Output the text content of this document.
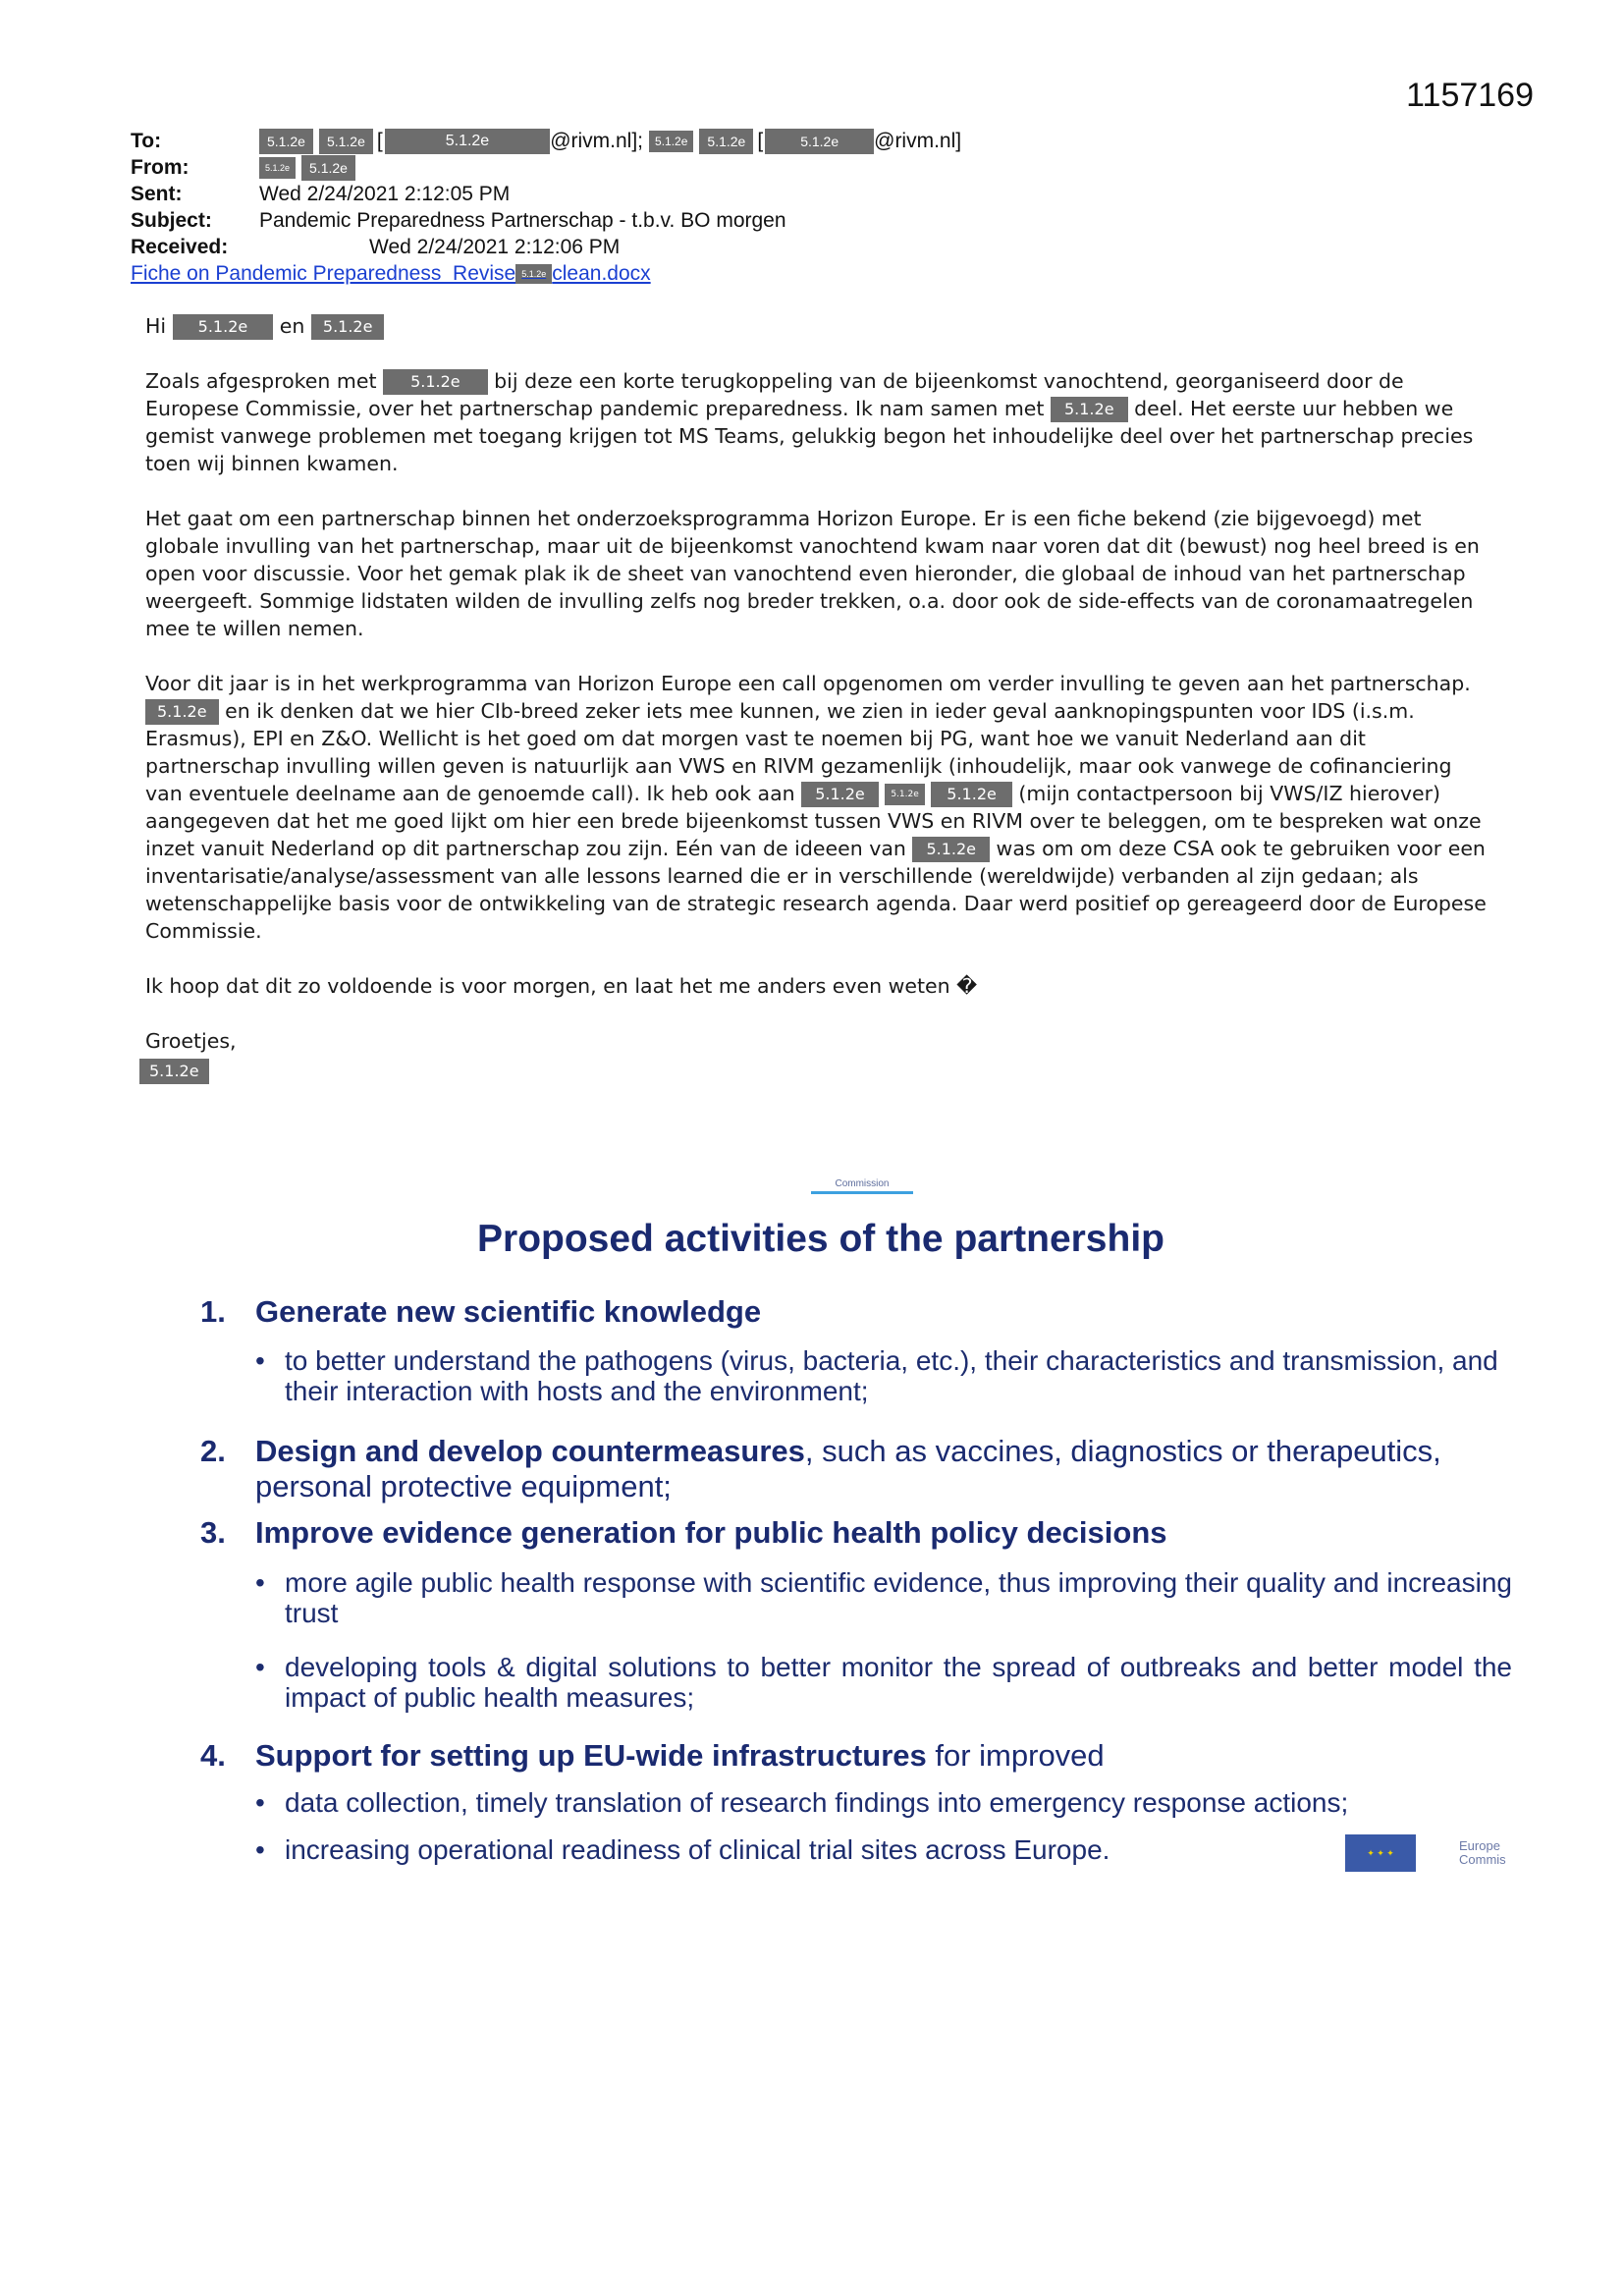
1157169
To:	5.1.2e	5.1.2e [	5.1.2e	@rivm.nl];	5.1.2e	5.1.2e [	5.1.2e	@rivm.nl]
From:	5.1.2e	5.1.2e
Sent:	Wed 2/24/2021 2:12:05 PM
Subject:	Pandemic Preparedness Partnerschap - t.b.v. BO morgen
Received:	Wed 2/24/2021 2:12:06 PM
Fiche on Pandemic Preparedness_Revise 5.1.2e clean.docx

Hi 5.1.2e en 5.1.2e

Zoals afgesproken met 5.1.2e bij deze een korte terugkoppeling van de bijeenkomst vanochtend, georganiseerd door de Europese Commissie, over het partnerschap pandemic preparedness. Ik nam samen met 5.1.2e deel. Het eerste uur hebben we gemist vanwege problemen met toegang krijgen tot MS Teams, gelukkig begon het inhoudelijke deel over het partnerschap precies toen wij binnen kwamen.

Het gaat om een partnerschap binnen het onderzoeksprogramma Horizon Europe. Er is een fiche bekend (zie bijgevoegd) met globale invulling van het partnerschap, maar uit de bijeenkomst vanochtend kwam naar voren dat dit (bewust) nog heel breed is en open voor discussie. Voor het gemak plak ik de sheet van vanochtend even hieronder, die globaal de inhoud van het partnerschap weergeeft. Sommige lidstaten wilden de invulling zelfs nog breder trekken, o.a. door ook de side-effects van de coronamaatregelen mee te willen nemen.

Voor dit jaar is in het werkprogramma van Horizon Europe een call opgenomen om verder invulling te geven aan het partnerschap. 5.1.2e en ik denken dat we hier CIb-breed zeker iets mee kunnen, we zien in ieder geval aanknopingspunten voor IDS (i.s.m. Erasmus), EPI en Z&O. Wellicht is het goed om dat morgen vast te noemen bij PG, want hoe we vanuit Nederland aan dit partnerschap invulling willen geven is natuurlijk aan VWS en RIVM gezamenlijk (inhoudelijk, maar ook vanwege de cofinanciering van eventuele deelname aan de genoemde call). Ik heb ook aan 5.1.2e	5.1.2e 5.1.2e (mijn contactpersoon bij VWS/IZ hierover) aangegeven dat het me goed lijkt om hier een brede bijeenkomst tussen VWS en RIVM over te beleggen, om te bespreken wat onze inzet vanuit Nederland op dit partnerschap zou zijn. Eén van de ideeen van 5.1.2e was om om deze CSA ook te gebruiken voor een inventarisatie/analyse/assessment van alle lessons learned die er in verschillende (wereldwijde) verbanden al zijn gedaan; als wetenschappelijke basis voor de ontwikkeling van de strategic research agenda. Daar werd positief op gereageerd door de Europese Commissie.

Ik hoop dat dit zo voldoende is voor morgen, en laat het me anders even weten �

Groetjes,

5.1.2e

Commission
Proposed activities of the partnership
1. Generate new scientific knowledge
• to better understand the pathogens (virus, bacteria, etc.), their characteristics and transmission, and their interaction with hosts and the environment;
2. Design and develop countermeasures, such as vaccines, diagnostics or therapeutics, personal protective equipment;
3. Improve evidence generation for public health policy decisions
• more agile public health response with scientific evidence, thus improving their quality and increasing trust
• developing tools & digital solutions to better monitor the spread of outbreaks and better model the impact of public health measures;
4. Support for setting up EU-wide infrastructures for improved
• data collection, timely translation of research findings into emergency response actions;
• increasing operational readiness of clinical trial sites across Europe.	✦ ✦ ✦	Europe
Commis
